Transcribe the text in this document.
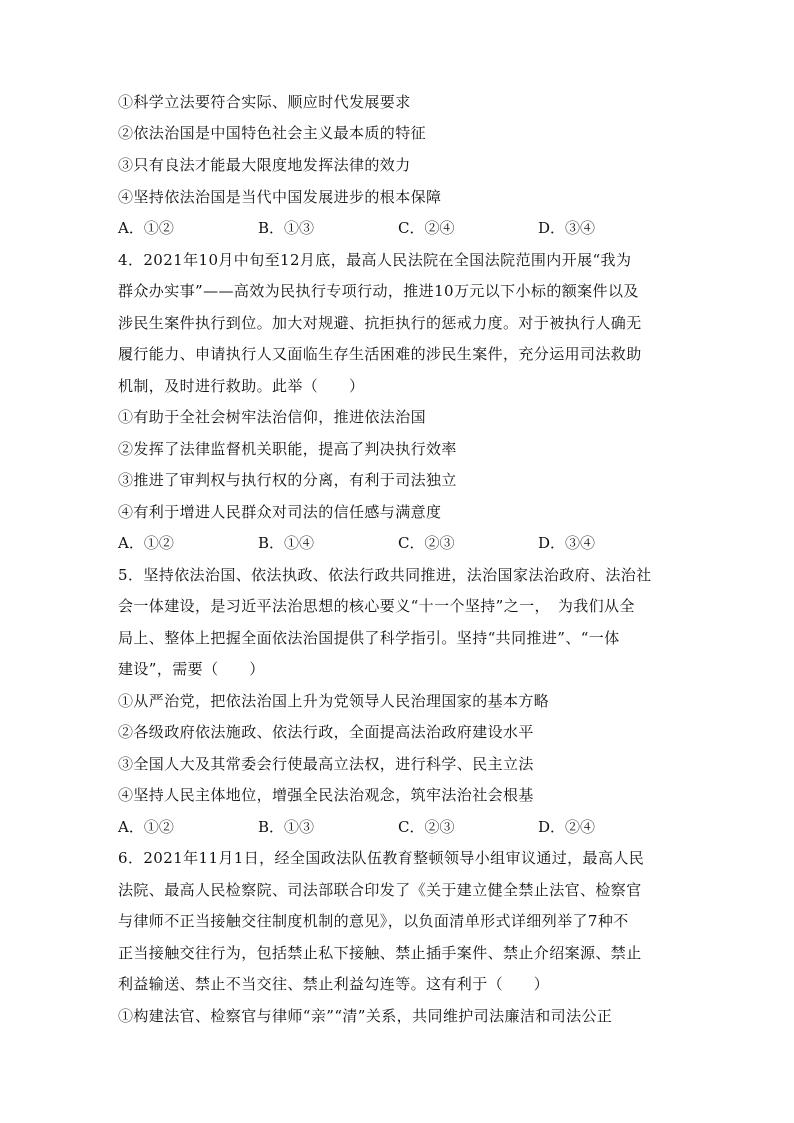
①科学立法要符合实际、顺应时代发展要求
②依法治国是中国特色社会主义最本质的特征
③只有良法才能最大限度地发挥法律的效力
④坚持依法治国是当代中国发展进步的根本保障
A．①②	B．①③	C．②④	D．③④
4．2021年10月中旬至12月底，最高人民法院在全国法院范围内开展“我为
群众办实事”——高效为民执行专项行动，推进10万元以下小标的额案件以及
涉民生案件执行到位。加大对规避、抗拒执行的惩戒力度。对于被执行人确无
履行能力、申请执行人又面临生存生活困难的涉民生案件，充分运用司法救助
机制，及时进行救助。此举（　　）
①有助于全社会树牢法治信仰，推进依法治国
②发挥了法律监督机关职能，提高了判决执行效率
③推进了审判权与执行权的分离，有利于司法独立
④有利于增进人民群众对司法的信任感与满意度
A．①②	B．①④	C．②③	D．③④
5．坚持依法治国、依法执政、依法行政共同推进，法治国家法治政府、法治社
会一体建设，是习近平法治思想的核心要义“十一个坚持”之一，　为我们从全
局上、整体上把握全面依法治国提供了科学指引。坚持“共同推进”、“一体
建设”，需要（　　）
①从严治党，把依法治国上升为党领导人民治理国家的基本方略
②各级政府依法施政、依法行政，全面提高法治政府建设水平
③全国人大及其常委会行使最高立法权，进行科学、民主立法
④坚持人民主体地位，增强全民法治观念，筑牢法治社会根基
A．①②	B．①③	C．②③	D．②④
6．2021年11月1日，经全国政法队伍教育整顿领导小组审议通过，最高人民
法院、最高人民检察院、司法部联合印发了《关于建立健全禁止法官、检察官
与律师不正当接触交往制度机制的意见》，以负面清单形式详细列举了7种不
正当接触交往行为，包括禁止私下接触、禁止插手案件、禁止介绍案源、禁止
利益输送、禁止不当交往、禁止利益勾连等。这有利于（　　）
①构建法官、检察官与律师“亲”“清”关系，共同维护司法廉洁和司法公正
